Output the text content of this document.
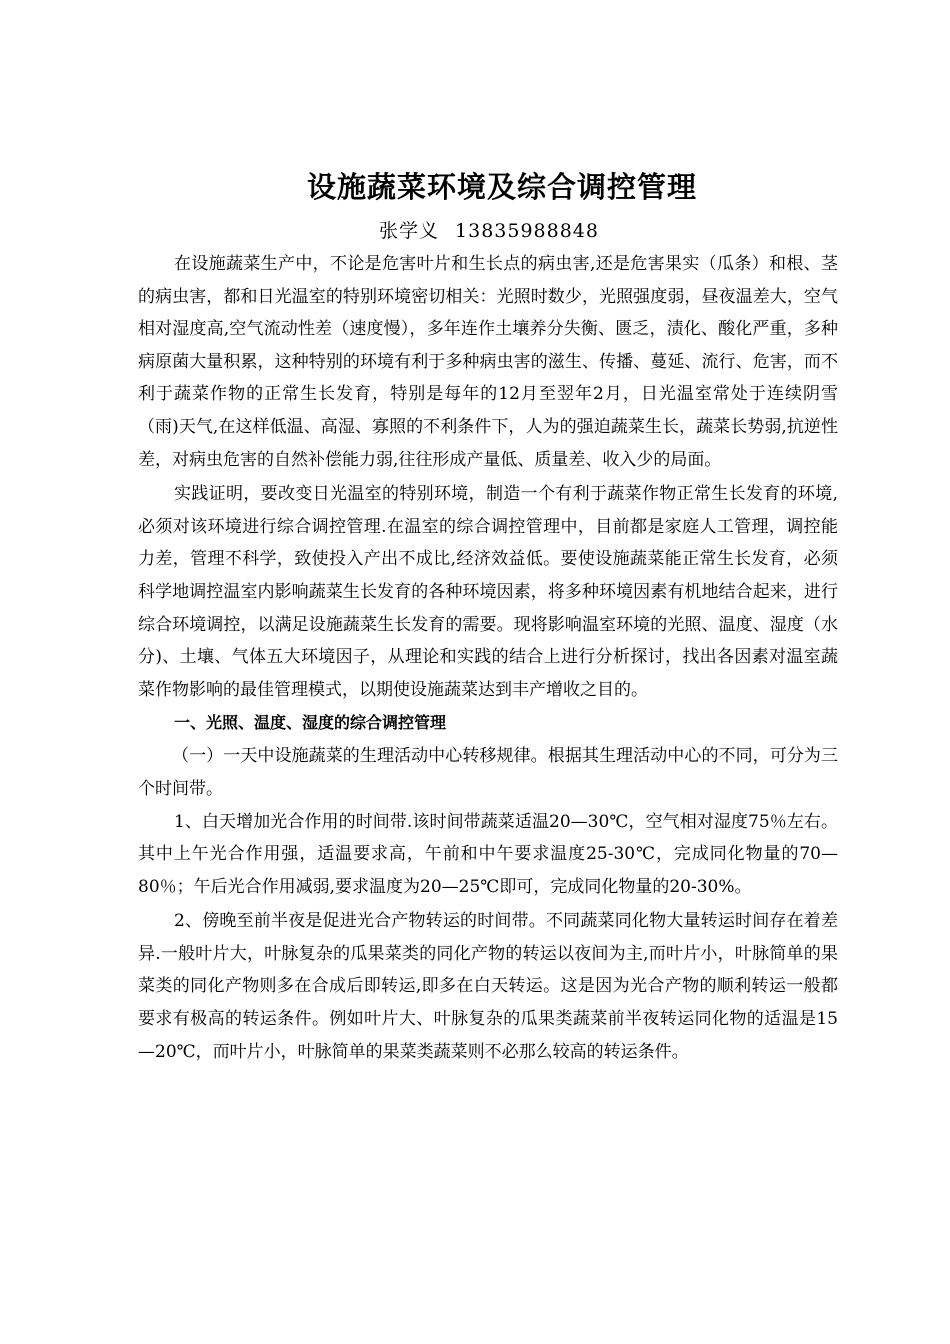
设施蔬菜环境及综合调控管理
张学义 13835988848

在设施蔬菜生产中，不论是危害叶片和生长点的病虫害,还是危害果实（瓜条）和根、茎的病虫害，都和日光温室的特别环境密切相关：光照时数少，光照强度弱，昼夜温差大，空气相对湿度高,空气流动性差（速度慢），多年连作土壤养分失衡、匮乏，渍化、酸化严重，多种病原菌大量积累，这种特别的环境有利于多种病虫害的滋生、传播、蔓延、流行、危害，而不利于蔬菜作物的正常生长发育，特别是每年的12月至翌年2月，日光温室常处于连续阴雪（雨)天气,在这样低温、高湿、寡照的不利条件下，人为的强迫蔬菜生长，蔬菜长势弱,抗逆性差，对病虫危害的自然补偿能力弱,往往形成产量低、质量差、收入少的局面。

实践证明，要改变日光温室的特别环境，制造一个有利于蔬菜作物正常生长发育的环境,必须对该环境进行综合调控管理.在温室的综合调控管理中，目前都是家庭人工管理，调控能力差，管理不科学，致使投入产出不成比,经济效益低。要使设施蔬菜能正常生长发育，必须科学地调控温室内影响蔬菜生长发育的各种环境因素，将多种环境因素有机地结合起来，进行综合环境调控，以满足设施蔬菜生长发育的需要。现将影响温室环境的光照、温度、湿度（水分)、土壤、气体五大环境因子，从理论和实践的结合上进行分析探讨，找出各因素对温室蔬菜作物影响的最佳管理模式，以期使设施蔬菜达到丰产增收之目的。

一、光照、温度、湿度的综合调控管理

（一）一天中设施蔬菜的生理活动中心转移规律。根据其生理活动中心的不同，可分为三个时间带。

1、白天增加光合作用的时间带.该时间带蔬菜适温20—30℃，空气相对湿度75％左右。其中上午光合作用强，适温要求高，午前和中午要求温度25-30℃，完成同化物量的70—80％；午后光合作用减弱,要求温度为20—25℃即可，完成同化物量的20-30%。

2、傍晚至前半夜是促进光合产物转运的时间带。不同蔬菜同化物大量转运时间存在着差异.一般叶片大，叶脉复杂的瓜果菜类的同化产物的转运以夜间为主,而叶片小，叶脉简单的果菜类的同化产物则多在合成后即转运,即多在白天转运。这是因为光合产物的顺利转运一般都要求有极高的转运条件。例如叶片大、叶脉复杂的瓜果类蔬菜前半夜转运同化物的适温是15—20℃，而叶片小，叶脉简单的果菜类蔬菜则不必那么较高的转运条件。
